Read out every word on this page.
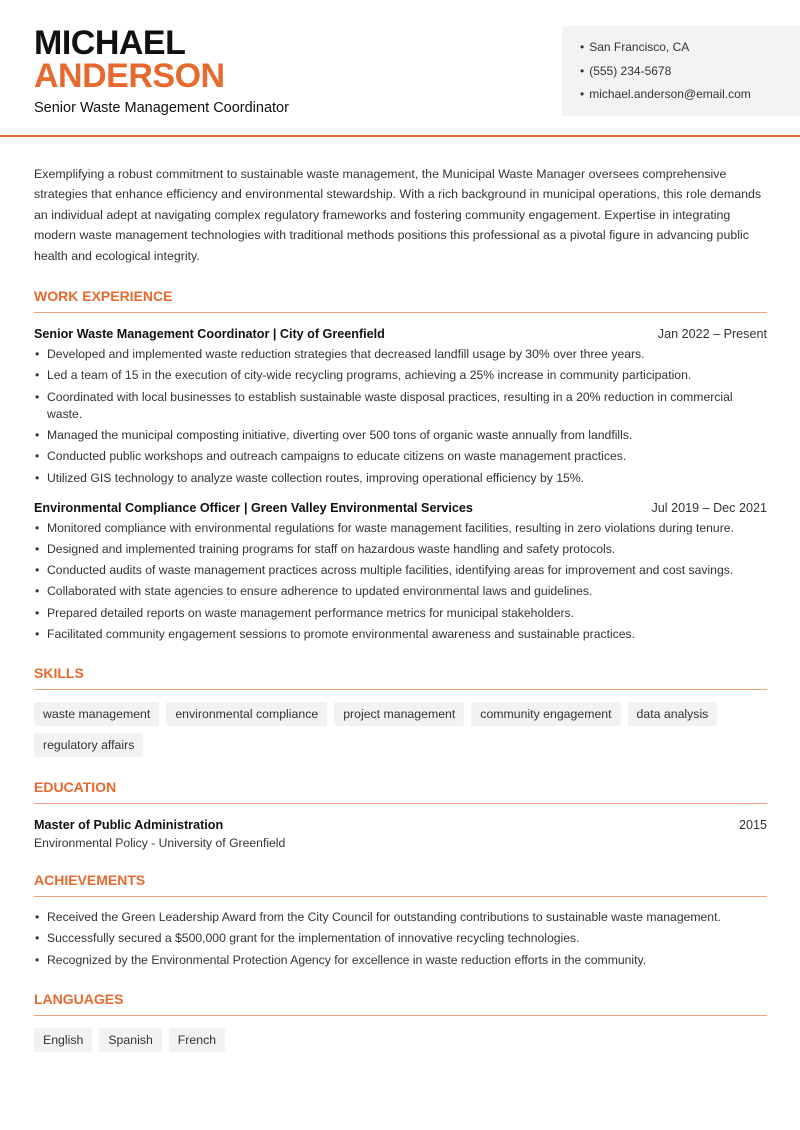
MICHAEL
ANDERSON
Senior Waste Management Coordinator
• San Francisco, CA
• (555) 234-5678
• michael.anderson@email.com

Exemplifying a robust commitment to sustainable waste management, the Municipal Waste Manager oversees comprehensive strategies that enhance efficiency and environmental stewardship. With a rich background in municipal operations, this role demands an individual adept at navigating complex regulatory frameworks and fostering community engagement. Expertise in integrating modern waste management technologies with traditional methods positions this professional as a pivotal figure in advancing public health and ecological integrity.

WORK EXPERIENCE
Senior Waste Management Coordinator | City of Greenfield	Jan 2022 – Present
• Developed and implemented waste reduction strategies that decreased landfill usage by 30% over three years.
• Led a team of 15 in the execution of city-wide recycling programs, achieving a 25% increase in community participation.
• Coordinated with local businesses to establish sustainable waste disposal practices, resulting in a 20% reduction in commercial waste.
• Managed the municipal composting initiative, diverting over 500 tons of organic waste annually from landfills.
• Conducted public workshops and outreach campaigns to educate citizens on waste management practices.
• Utilized GIS technology to analyze waste collection routes, improving operational efficiency by 15%.
Environmental Compliance Officer | Green Valley Environmental Services	Jul 2019 – Dec 2021
• Monitored compliance with environmental regulations for waste management facilities, resulting in zero violations during tenure.
• Designed and implemented training programs for staff on hazardous waste handling and safety protocols.
• Conducted audits of waste management practices across multiple facilities, identifying areas for improvement and cost savings.
• Collaborated with state agencies to ensure adherence to updated environmental laws and guidelines.
• Prepared detailed reports on waste management performance metrics for municipal stakeholders.
• Facilitated community engagement sessions to promote environmental awareness and sustainable practices.
SKILLS
waste management	environmental compliance	project management	community engagement	data analysis
regulatory affairs
EDUCATION
Master of Public Administration	2015
Environmental Policy - University of Greenfield
ACHIEVEMENTS
• Received the Green Leadership Award from the City Council for outstanding contributions to sustainable waste management.
• Successfully secured a $500,000 grant for the implementation of innovative recycling technologies.
• Recognized by the Environmental Protection Agency for excellence in waste reduction efforts in the community.
LANGUAGES
English	Spanish	French
